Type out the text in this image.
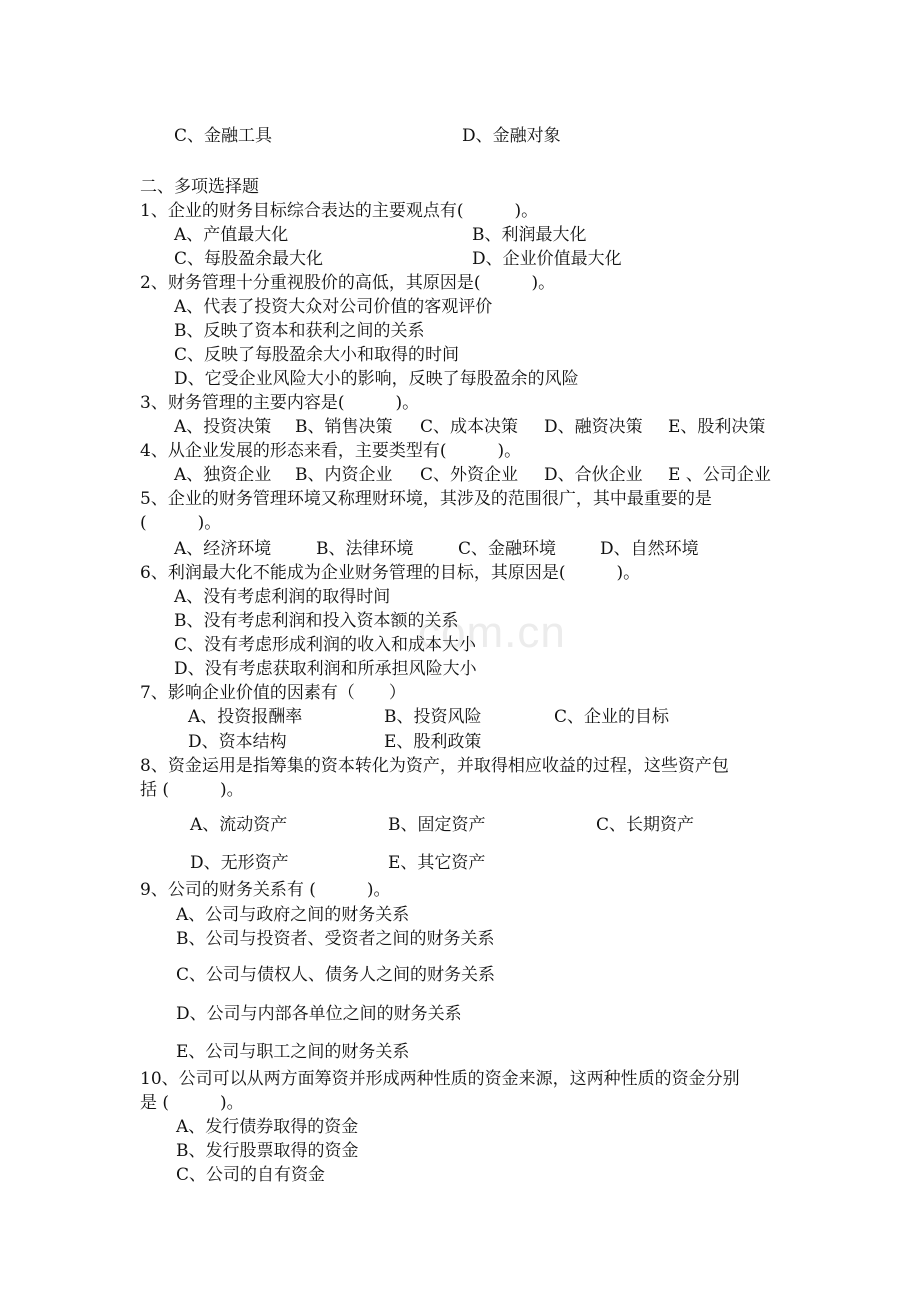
com.cn
C、金融工具	D、金融对象
二、多项选择题
1、企业的财务目标综合表达的主要观点有(　　　)。
A、产值最大化	B、利润最大化
C、每股盈余最大化	D、企业价值最大化
2、财务管理十分重视股价的高低，其原因是(　　　)。
A、代表了投资大众对公司价值的客观评价
B、反映了资本和获利之间的关系
C、反映了每股盈余大小和取得的时间
D、它受企业风险大小的影响，反映了每股盈余的风险
3、财务管理的主要内容是(　　　)。
A、投资决策 B、销售决策 C、成本决策 D、融资决策 E、股利决策
4、从企业发展的形态来看，主要类型有(　　　)。
A、独资企业 B、内资企业 C、外资企业 D、合伙企业 E 、公司企业
5、企业的财务管理环境又称理财环境，其涉及的范围很广，其中最重要的是
(　　　)。
A、经济环境	B、法律环境	C、金融环境	D、自然环境
6、利润最大化不能成为企业财务管理的目标，其原因是(　　　)。
A、没有考虑利润的取得时间
B、没有考虑利润和投入资本额的关系
C、没有考虑形成利润的收入和成本大小
D、没有考虑获取利润和所承担风险大小
7、影响企业价值的因素有（　　）
A、投资报酬率	B、投资风险	C、企业的目标
D、资本结构	E、股利政策
8、资金运用是指筹集的资本转化为资产，并取得相应收益的过程，这些资产包
括 (　　　)。
A、流动资产	B、固定资产	C、长期资产
D、无形资产	E、其它资产
9、公司的财务关系有 (　　　)。
A、公司与政府之间的财务关系
B、公司与投资者、受资者之间的财务关系
C、公司与债权人、债务人之间的财务关系
D、公司与内部各单位之间的财务关系
E、公司与职工之间的财务关系
10、公司可以从两方面筹资并形成两种性质的资金来源，这两种性质的资金分别
是 (　　　)。
A、发行债券取得的资金
B、发行股票取得的资金
C、公司的自有资金
